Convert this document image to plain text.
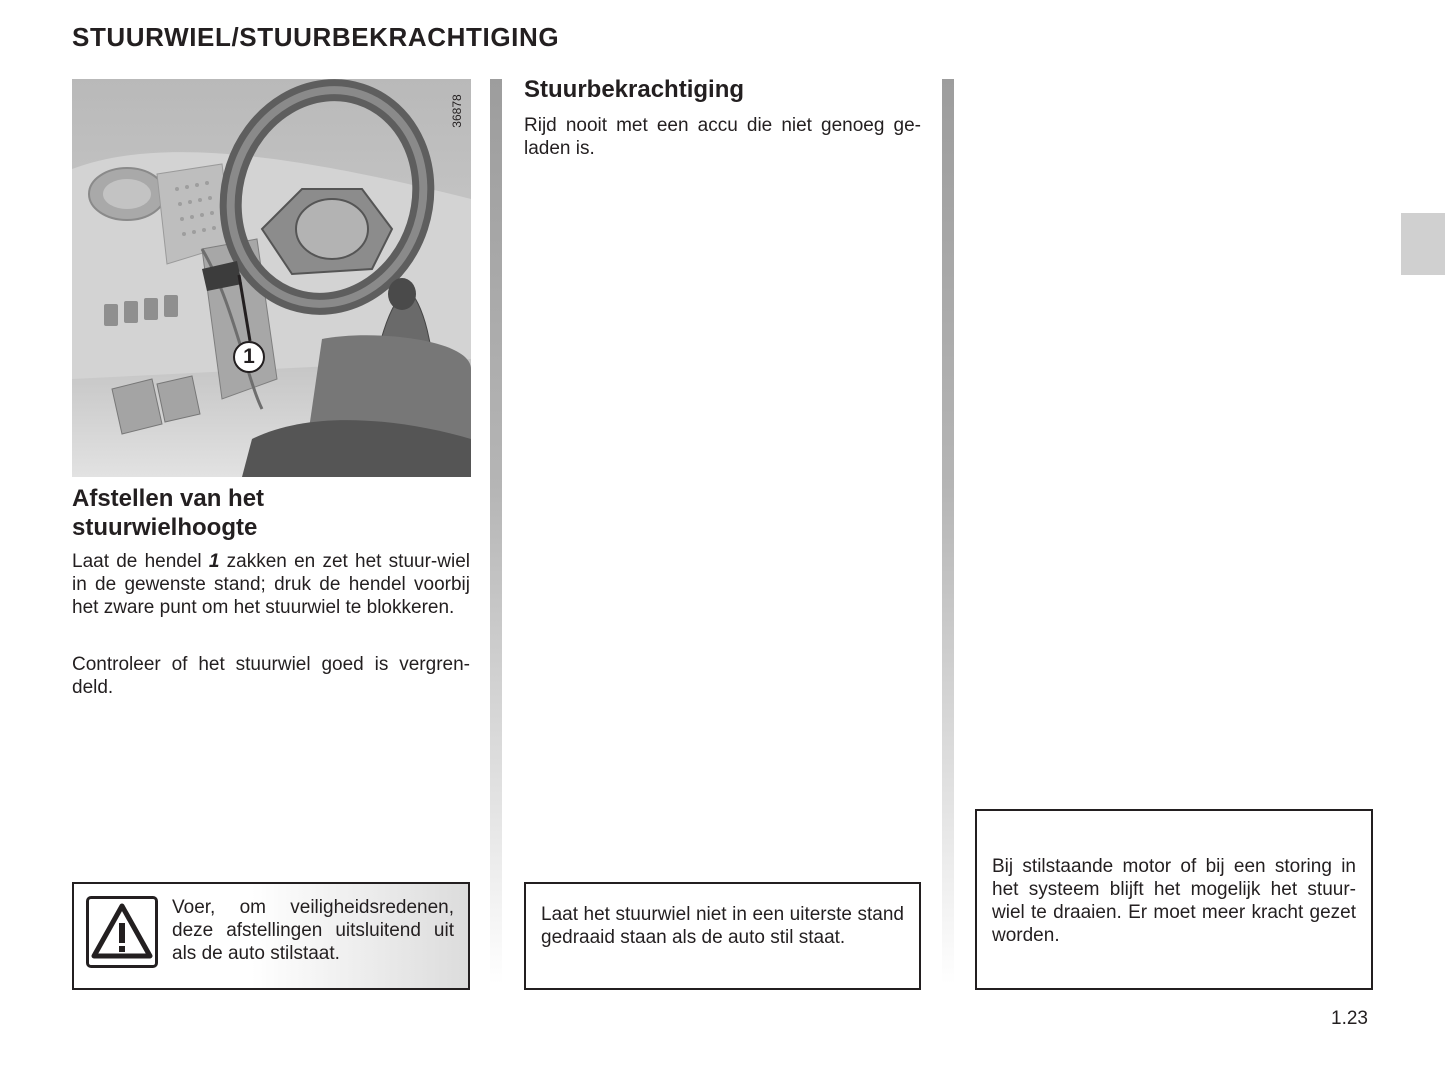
STUURWIEL/STUURBEKRACHTIGING
36878
1
Afstellen van het
stuurwielhoogte

Laat de hendel 1 zakken en zet het stuur-wiel in de gewenste stand; druk de hendel voorbij het zware punt om het stuurwiel te blokkeren.

Controleer of het stuurwiel goed is vergren-deld.

Voer, om veiligheidsredenen, deze afstellingen uitsluitend uit als de auto stilstaat.

Stuurbekrachtiging

Rijd nooit met een accu die niet genoeg ge-laden is.

Laat het stuurwiel niet in een uiterste stand gedraaid staan als de auto stil staat.

Bij stilstaande motor of bij een storing in het systeem blijft het mogelijk het stuur-wiel te draaien. Er moet meer kracht gezet worden.

1.23
